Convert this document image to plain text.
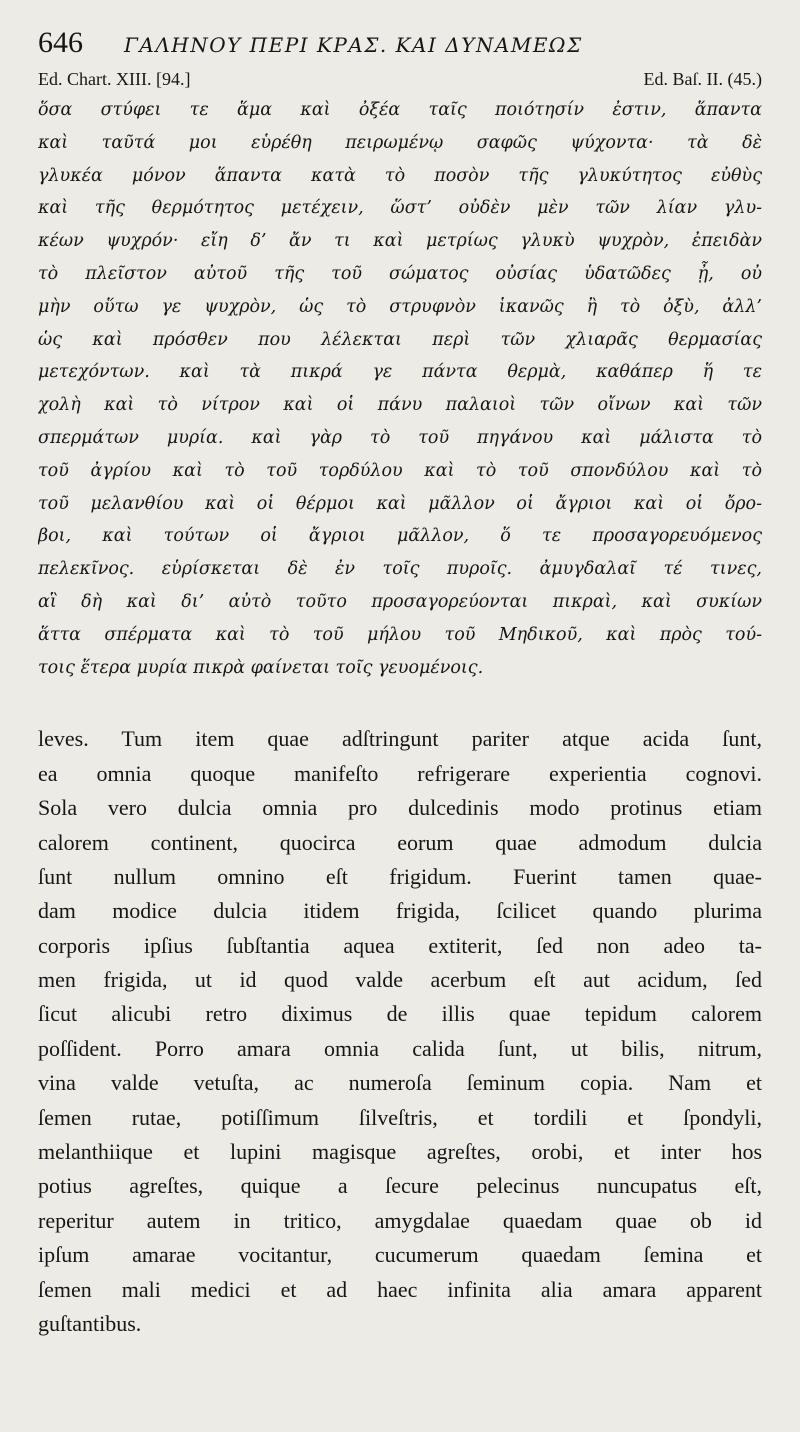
646	ΓΑΛΗΝΟΥ ΠΕΡΙ ΚΡΑΣ. ΚΑΙ ΔΥΝΑΜΕΩΣ
Ed. Chart. XIII. [94.]	Ed. Baſ. II. (45.)
ὅσα στύφει τε ἅμα καὶ ὀξέα ταῖς ποιότησίν ἐστιν, ἅπαντα
καὶ ταῦτά μοι εὑρέθη πειρωμένῳ σαφῶς ψύχοντα· τὰ δὲ
γλυκέα μόνον ἅπαντα κατὰ τὸ ποσὸν τῆς γλυκύτητος εὐθὺς
καὶ τῆς θερμότητος μετέχειν, ὥστ’ οὐδὲν μὲν τῶν λίαν γλυ-
κέων ψυχρόν· εἴη δ’ ἄν τι καὶ μετρίως γλυκὺ ψυχρὸν, ἐπειδὰν
τὸ πλεῖστον αὐτοῦ τῆς τοῦ σώματος οὐσίας ὑδατῶδες ᾖ, οὐ
μὴν οὕτω γε ψυχρὸν, ὡς τὸ στρυφνὸν ἱκανῶς ἢ τὸ ὀξὺ, ἀλλ’
ὡς καὶ πρόσθεν που λέλεκται περὶ τῶν χλιαρᾶς θερμασίας
μετεχόντων. καὶ τὰ πικρά γε πάντα θερμὰ, καθάπερ ἥ τε
χολὴ καὶ τὸ νίτρον καὶ οἱ πάνυ παλαιοὶ τῶν οἴνων καὶ τῶν
σπερμάτων μυρία. καὶ γὰρ τὸ τοῦ πηγάνου καὶ μάλιστα τὸ
τοῦ ἀγρίου καὶ τὸ τοῦ τορδύλου καὶ τὸ τοῦ σπονδύλου καὶ τὸ
τοῦ μελανθίου καὶ οἱ θέρμοι καὶ μᾶλλον οἱ ἄγριοι καὶ οἱ ὄρο-
βοι, καὶ τούτων οἱ ἄγριοι μᾶλλον, ὅ τε προσαγορευόμενος
πελεκῖνος. εὑρίσκεται δὲ ἐν τοῖς πυροῖς. ἀμυγδαλαῖ τέ τινες,
αἳ δὴ καὶ δι’ αὐτὸ τοῦτο προσαγορεύονται πικραὶ, καὶ συκίων
ἅττα σπέρματα καὶ τὸ τοῦ μήλου τοῦ Μηδικοῦ, καὶ πρὸς τού-
τοις ἕτερα μυρία πικρὰ φαίνεται τοῖς γευομένοις.
leves. Tum item quae adſtringunt pariter atque acida ſunt,
ea omnia quoque manifeſto refrigerare experientia cognovi.
Sola vero dulcia omnia pro dulcedinis modo protinus etiam
calorem continent, quocirca eorum quae admodum dulcia
ſunt nullum omnino eſt frigidum. Fuerint tamen quae-
dam modice dulcia itidem frigida, ſcilicet quando plurima
corporis ipſius ſubſtantia aquea extiterit, ſed non adeo ta-
men frigida, ut id quod valde acerbum eſt aut acidum, ſed
ſicut alicubi retro diximus de illis quae tepidum calorem
poſſident. Porro amara omnia calida ſunt, ut bilis, nitrum,
vina valde vetuſta, ac numeroſa ſeminum copia. Nam et
ſemen rutae, potiſſimum ſilveſtris, et tordili et ſpondyli,
melanthiique et lupini magisque agreſtes, orobi, et inter hos
potius agreſtes, quique a ſecure pelecinus nuncupatus eſt,
reperitur autem in tritico, amygdalae quaedam quae ob id
ipſum amarae vocitantur, cucumerum quaedam ſemina et
ſemen mali medici et ad haec infinita alia amara apparent
guſtantibus.
